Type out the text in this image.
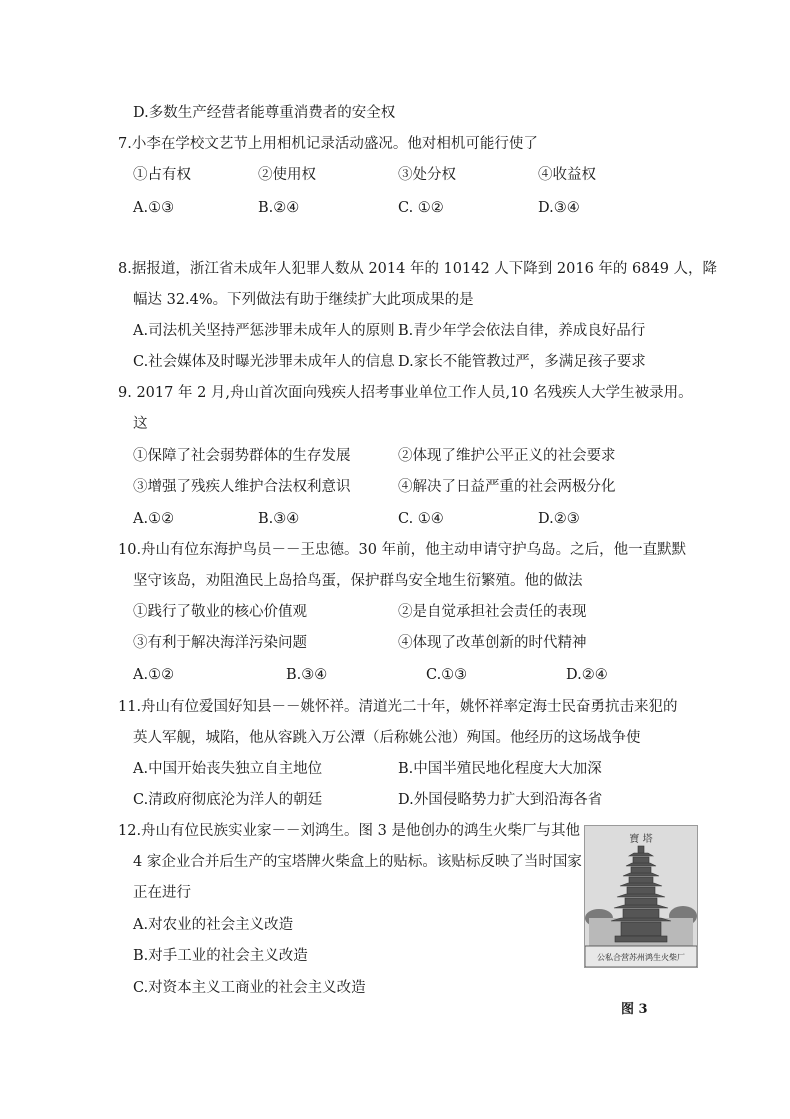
D.多数生产经营者能尊重消费者的安全权
7.小李在学校文艺节上用相机记录活动盛况。他对相机可能行使了
①占有权	②使用权	③处分权	④收益权
A.①③	B.②④	C. ①②	D.③④
8.据报道，浙江省未成年人犯罪人数从 2014 年的 10142 人下降到 2016 年的 6849 人，降
幅达 32.4%。下列做法有助于继续扩大此项成果的是
A.司法机关坚持严惩涉罪未成年人的原则 B.青少年学会依法自律，养成良好品行
C.社会媒体及时曝光涉罪未成年人的信息 D.家长不能管教过严，多满足孩子要求
9. 2017 年 2 月,舟山首次面向残疾人招考事业单位工作人员,10 名残疾人大学生被录用。
这
①保障了社会弱势群体的生存发展	②体现了维护公平正义的社会要求
③增强了残疾人维护合法权利意识	④解决了日益严重的社会两极分化
A.①②	B.③④	C. ①④	D.②③
10.舟山有位东海护鸟员－－王忠德。30 年前，他主动申请守护乌岛。之后，他一直默默
坚守该岛，劝阻渔民上岛拾鸟蛋，保护群鸟安全地生衍繁殖。他的做法
①践行了敬业的核心价值观	②是自觉承担社会责任的表现
③有利于解决海洋污染问题	④体现了改革创新的时代精神
A.①②	B.③④	C.①③	D.②④
11.舟山有位爱国好知县－－姚怀祥。清道光二十年，姚怀祥率定海士民奋勇抗击来犯的
英人军舰，城陷，他从容跳入万公潭（后称姚公池）殉国。他经历的这场战争使
A.中国开始丧失独立自主地位	B.中国半殖民地化程度大大加深
C.清政府彻底沦为洋人的朝廷	D.外国侵略势力扩大到沿海各省
12.舟山有位民族实业家－－刘鸿生。图 3 是他创办的鸿生火柴厂与其他
4 家企业合并后生产的宝塔牌火柴盒上的贴标。该贴标反映了当时国家
正在进行
A.对农业的社会主义改造
B.对手工业的社会主义改造
C.对资本主义工商业的社会主义改造
寶 塔
公私合营苏州鸿生火柴厂
图 3
